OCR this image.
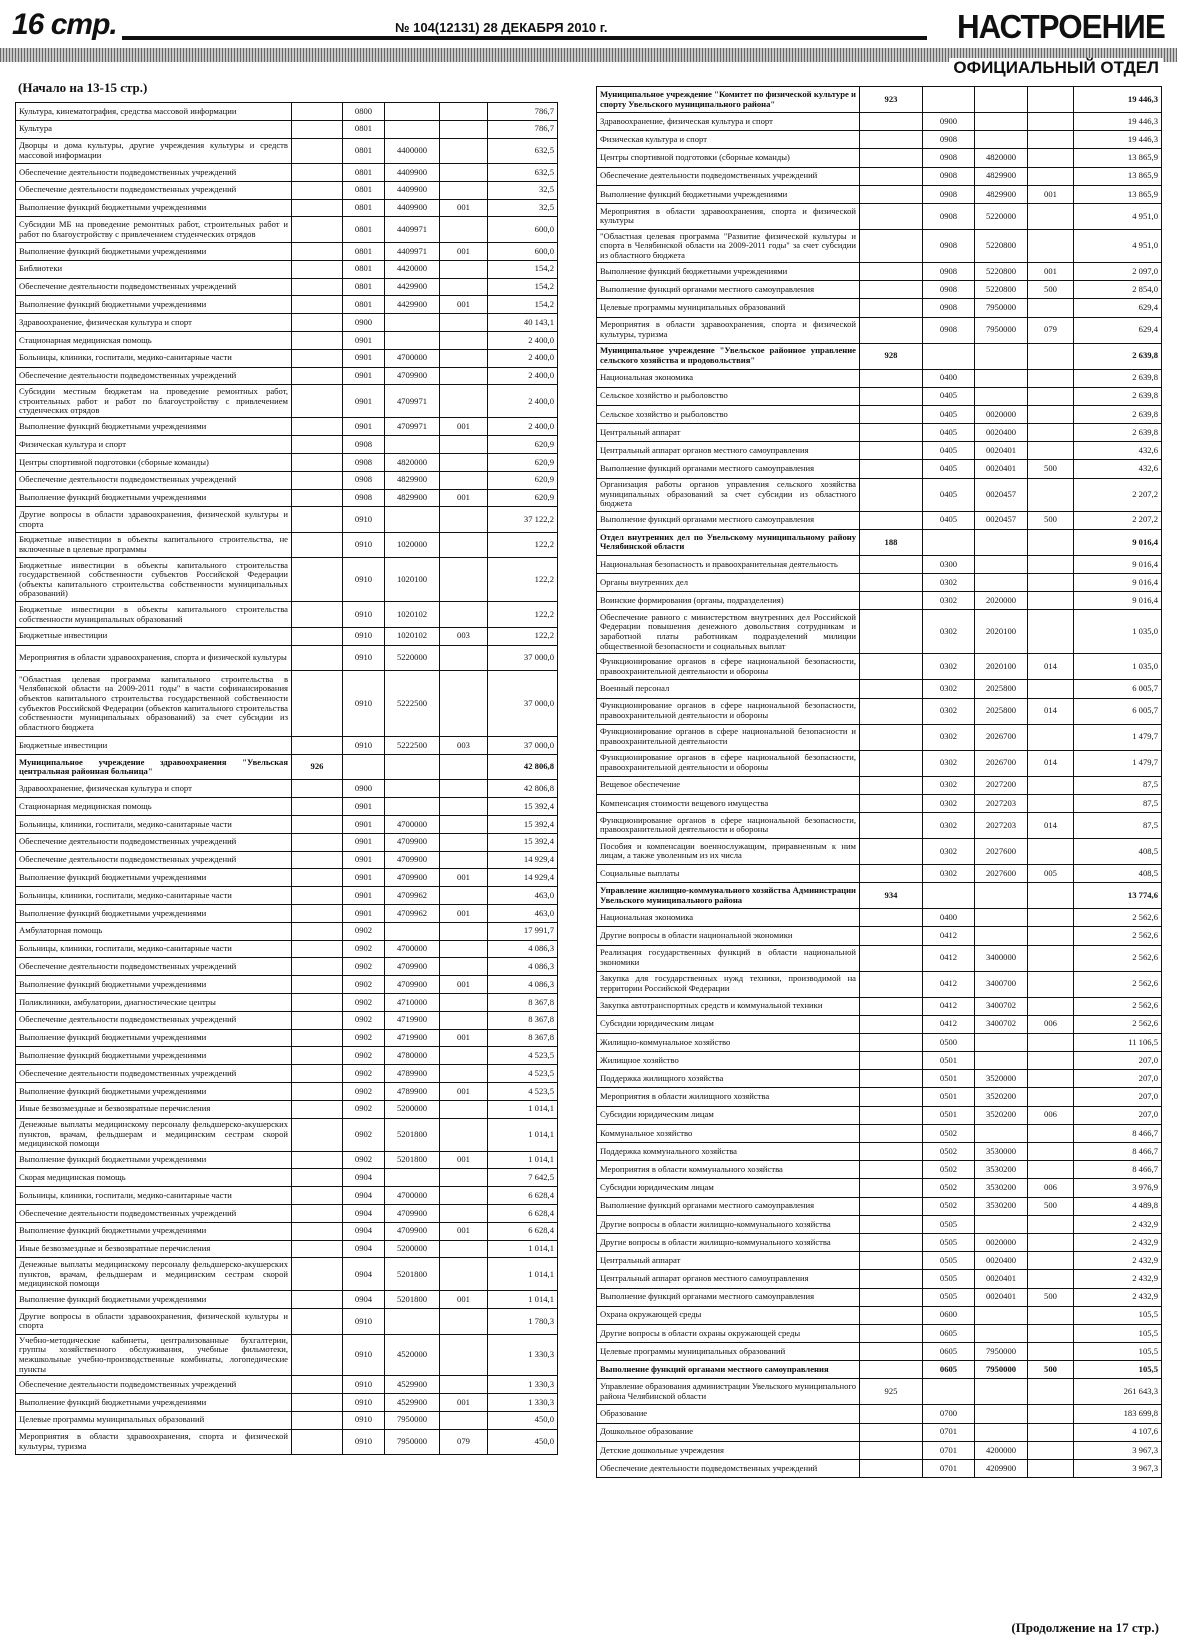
16 стр.	№ 104(12131) 28 ДЕКАБРЯ 2010 г.	НАСТРОЕНИЕ
ОФИЦИАЛЬНЫЙ ОТДЕЛ
(Начало на 13-15 стр.)
Культура, кинематография, средства массовой информации		0800			786,7
Культура		0801			786,7
Дворцы и дома культуры, другие учреждения культуры и средств массовой информации		0801	4400000		632,5
Обеспечение деятельности подведомственных учреждений		0801	4409900		632,5
Обеспечение деятельности подведомственных учреждений		0801	4409900		32,5
Выполнение функций бюджетными учреждениями		0801	4409900	001	32,5
Субсидии МБ на проведение ремонтных работ, строительных работ и работ по благоустройству с привлечением студенческих отрядов		0801	4409971		600,0
Выполнение функций бюджетными учреждениями		0801	4409971	001	600,0
Библиотеки		0801	4420000		154,2
Обеспечение деятельности подведомственных учреждений		0801	4429900		154,2
Выполнение функций бюджетными учреждениями		0801	4429900	001	154,2
Здравоохранение, физическая культура и спорт		0900			40 143,1
Стационарная медицинская помощь		0901			2 400,0
Больницы, клиники, госпитали, медико-санитарные части		0901	4700000		2 400,0
Обеспечение деятельности подведомственных учреждений		0901	4709900		2 400,0
Субсидии местным бюджетам на проведение ремонтных работ, строительных работ и работ по благоустройству с привлечением студенческих отрядов		0901	4709971		2 400,0
Выполнение функций бюджетными учреждениями		0901	4709971	001	2 400,0
Физическая культура и спорт		0908			620,9
Центры спортивной подготовки (сборные команды)		0908	4820000		620,9
Обеспечение деятельности подведомственных учреждений		0908	4829900		620,9
Выполнение функций бюджетными учреждениями		0908	4829900	001	620,9
Другие вопросы в области здравоохранения, физической культуры и спорта		0910			37 122,2
Бюджетные инвестиции в объекты капитального строительства, не включенные в целевые программы		0910	1020000		122,2
Бюджетные инвестиции в объекты капитального строительства государственной собственности субъектов Российской Федерации (объекты капитального строительства собственности муниципальных образований)		0910	1020100		122,2
Бюджетные инвестиции в объекты капитального строительства собственности муниципальных образований		0910	1020102		122,2
Бюджетные инвестиции		0910	1020102	003	122,2
Мероприятия в области здравоохранения, спорта и физической культуры		0910	5220000		37 000,0
"Областная целевая программа капитального строительства в Челябинской области на 2009-2011 годы" в части софинансирования объектов капитального строительства государственной собственности субъектов Российской Федерации (объектов капитального строительства собственности муниципальных образований) за счет субсидии из областного бюджета		0910	5222500		37 000,0
Бюджетные инвестиции		0910	5222500	003	37 000,0
Муниципальное учреждение здравоохранения "Увельская центральная районная больница"	926				42 806,8
Здравоохранение, физическая культура и спорт		0900			42 806,8
Стационарная медицинская помощь		0901			15 392,4
Больницы, клиники, госпитали, медико-санитарные части		0901	4700000		15 392,4
Обеспечение деятельности подведомственных учреждений		0901	4709900		15 392,4
Обеспечение деятельности подведомственных учреждений		0901	4709900		14 929,4
Выполнение функций бюджетными учреждениями		0901	4709900	001	14 929,4
Больницы, клиники, госпитали, медико-санитарные части		0901	4709962		463,0
Выполнение функций бюджетными учреждениями		0901	4709962	001	463,0
Амбулаторная помощь		0902			17 991,7
Больницы, клиники, госпитали, медико-санитарные части		0902	4700000		4 086,3
Обеспечение деятельности подведомственных учреждений		0902	4709900		4 086,3
Выполнение функций бюджетными учреждениями		0902	4709900	001	4 086,3
Поликлиники, амбулатории, диагностические центры		0902	4710000		8 367,8
Обеспечение деятельности подведомственных учреждений		0902	4719900		8 367,8
Выполнение функций бюджетными учреждениями		0902	4719900	001	8 367,8
Выполнение функций бюджетными учреждениями		0902	4780000		4 523,5
Обеспечение деятельности подведомственных учреждений		0902	4789900		4 523,5
Выполнение функций бюджетными учреждениями		0902	4789900	001	4 523,5
Иные безвозмездные и безвозвратные перечисления		0902	5200000		1 014,1
Денежные выплаты медицинскому персоналу фельдшерско-акушерских пунктов, врачам, фельдшерам и медицинским сестрам скорой медицинской помощи		0902	5201800		1 014,1
Выполнение функций бюджетными учреждениями		0902	5201800	001	1 014,1
Скорая медицинская помощь		0904			7 642,5
Больницы, клиники, госпитали, медико-санитарные части		0904	4700000		6 628,4
Обеспечение деятельности подведомственных учреждений		0904	4709900		6 628,4
Выполнение функций бюджетными учреждениями		0904	4709900	001	6 628,4
Иные безвозмездные и безвозвратные перечисления		0904	5200000		1 014,1
Денежные выплаты медицинскому персоналу фельдшерско-акушерских пунктов, врачам, фельдшерам и медицинским сестрам скорой медицинской помощи		0904	5201800		1 014,1
Выполнение функций бюджетными учреждениями		0904	5201800	001	1 014,1
Другие вопросы в области здравоохранения, физической культуры и спорта		0910			1 780,3
Учебно-методические кабинеты, централизованные бухгалтерии, группы хозяйственного обслуживания, учебные фильмотеки, межшкольные учебно-производственные комбинаты, логопедические пункты		0910	4520000		1 330,3
Обеспечение деятельности подведомственных учреждений		0910	4529900		1 330,3
Выполнение функций бюджетными учреждениями		0910	4529900	001	1 330,3
Целевые программы муниципальных образований		0910	7950000		450,0
Мероприятия в области здравоохранения, спорта и физической культуры, туризма		0910	7950000	079	450,0
Муниципальное учреждение "Комитет по физической культуре и спорту Увельского муниципального района"	923				19 446,3
Здравоохранение, физическая культура и спорт		0900			19 446,3
Физическая культура и спорт		0908			19 446,3
Центры спортивной подготовки (сборные команды)		0908	4820000		13 865,9
Обеспечение деятельности подведомственных учреждений		0908	4829900		13 865,9
Выполнение функций бюджетными учреждениями		0908	4829900	001	13 865,9
Мероприятия в области здравоохранения, спорта и физической культуры		0908	5220000		4 951,0
"Областная целевая программа "Развитие физической культуры и спорта в Челябинской области на 2009-2011 годы" за счет субсидии из областного бюджета		0908	5220800		4 951,0
Выполнение функций бюджетными учреждениями		0908	5220800	001	2 097,0
Выполнение функций органами местного самоуправления		0908	5220800	500	2 854,0
Целевые программы муниципальных образований		0908	7950000		629,4
Мероприятия в области здравоохранения, спорта и физической культуры, туризма		0908	7950000	079	629,4
Муниципальное учреждение "Увельское районное управление сельского хозяйства и продовольствия"	928				2 639,8
Национальная экономика		0400			2 639,8
Сельское хозяйство и рыболовство		0405			2 639,8
Сельское хозяйство и рыболовство		0405	0020000		2 639,8
Центральный аппарат		0405	0020400		2 639,8
Центральный аппарат органов местного самоуправления		0405	0020401		432,6
Выполнение функций органами местного самоуправления		0405	0020401	500	432,6
Организация работы органов управления сельского хозяйства муниципальных образований за счет субсидии из областного бюджета		0405	0020457		2 207,2
Выполнение функций органами местного самоуправления		0405	0020457	500	2 207,2
Отдел внутренних дел по Увельскому муниципальному району Челябинской области	188				9 016,4
Национальная безопасность и правоохранительная деятельность		0300			9 016,4
Органы внутренних дел		0302			9 016,4
Воинские формирования (органы, подразделения)		0302	2020000		9 016,4
Обеспечение равного с министерством внутренних дел Российской Федерации повышения денежного довольствия сотрудникам и заработной платы работникам подразделений милиции общественной безопасности и социальных выплат		0302	2020100		1 035,0
Функционирование органов в сфере национальной безопасности, правоохранительной деятельности и обороны		0302	2020100	014	1 035,0
Военный персонал		0302	2025800		6 005,7
Функционирование органов в сфере национальной безопасности, правоохранительной деятельности и обороны		0302	2025800	014	6 005,7
Функционирование органов в сфере национальной безопасности и правоохранительной деятельности		0302	2026700		1 479,7
Функционирование органов в сфере национальной безопасности, правоохранительной деятельности и обороны		0302	2026700	014	1 479,7
Вещевое обеспечение		0302	2027200		87,5
Компенсация стоимости вещевого имущества		0302	2027203		87,5
Функционирование органов в сфере национальной безопасности, правоохранительной деятельности и обороны		0302	2027203	014	87,5
Пособия и компенсации военнослужащим, приравненным к ним лицам, а также уволенным из их числа		0302	2027600		408,5
Социальные выплаты		0302	2027600	005	408,5
Управление жилищно-коммунального хозяйства Администрации Увельского муниципального района	934				13 774,6
Национальная экономика		0400			2 562,6
Другие вопросы в области национальной экономики		0412			2 562,6
Реализация государственных функций в области национальной экономики		0412	3400000		2 562,6
Закупка для государственных нужд техники, производимой на территории Российской Федерации		0412	3400700		2 562,6
Закупка автотранспортных средств и коммунальной техники		0412	3400702		2 562,6
Субсидии юридическим лицам		0412	3400702	006	2 562,6
Жилищно-коммунальное хозяйство		0500			11 106,5
Жилищное хозяйство		0501			207,0
Поддержка жилищного хозяйства		0501	3520000		207,0
Мероприятия в области жилищного хозяйства		0501	3520200		207,0
Субсидии юридическим лицам		0501	3520200	006	207,0
Коммунальное хозяйство		0502			8 466,7
Поддержка коммунального хозяйства		0502	3530000		8 466,7
Мероприятия в области коммунального хозяйства		0502	3530200		8 466,7
Субсидии юридическим лицам		0502	3530200	006	3 976,9
Выполнение функций органами местного самоуправления		0502	3530200	500	4 489,8
Другие вопросы в области жилищно-коммунального хозяйства		0505			2 432,9
Другие вопросы в области жилищно-коммунального хозяйства		0505	0020000		2 432,9
Центральный аппарат		0505	0020400		2 432,9
Центральный аппарат органов местного самоуправления		0505	0020401		2 432,9
Выполнение функций органами местного самоуправления		0505	0020401	500	2 432,9
Охрана окружающей среды		0600			105,5
Другие вопросы в области охраны окружающей среды		0605			105,5
Целевые программы муниципальных образований		0605	7950000		105,5
Выполнение функций органами местного самоуправления		0605	7950000	500	105,5
Управление образования администрации Увельского муниципального района Челябинской области	925				261 643,3
Образование		0700			183 699,8
Дошкольное образование		0701			4 107,6
Детские дошкольные учреждения		0701	4200000		3 967,3
Обеспечение деятельности подведомственных учреждений		0701	4209900		3 967,3
(Продолжение на 17 стр.)
